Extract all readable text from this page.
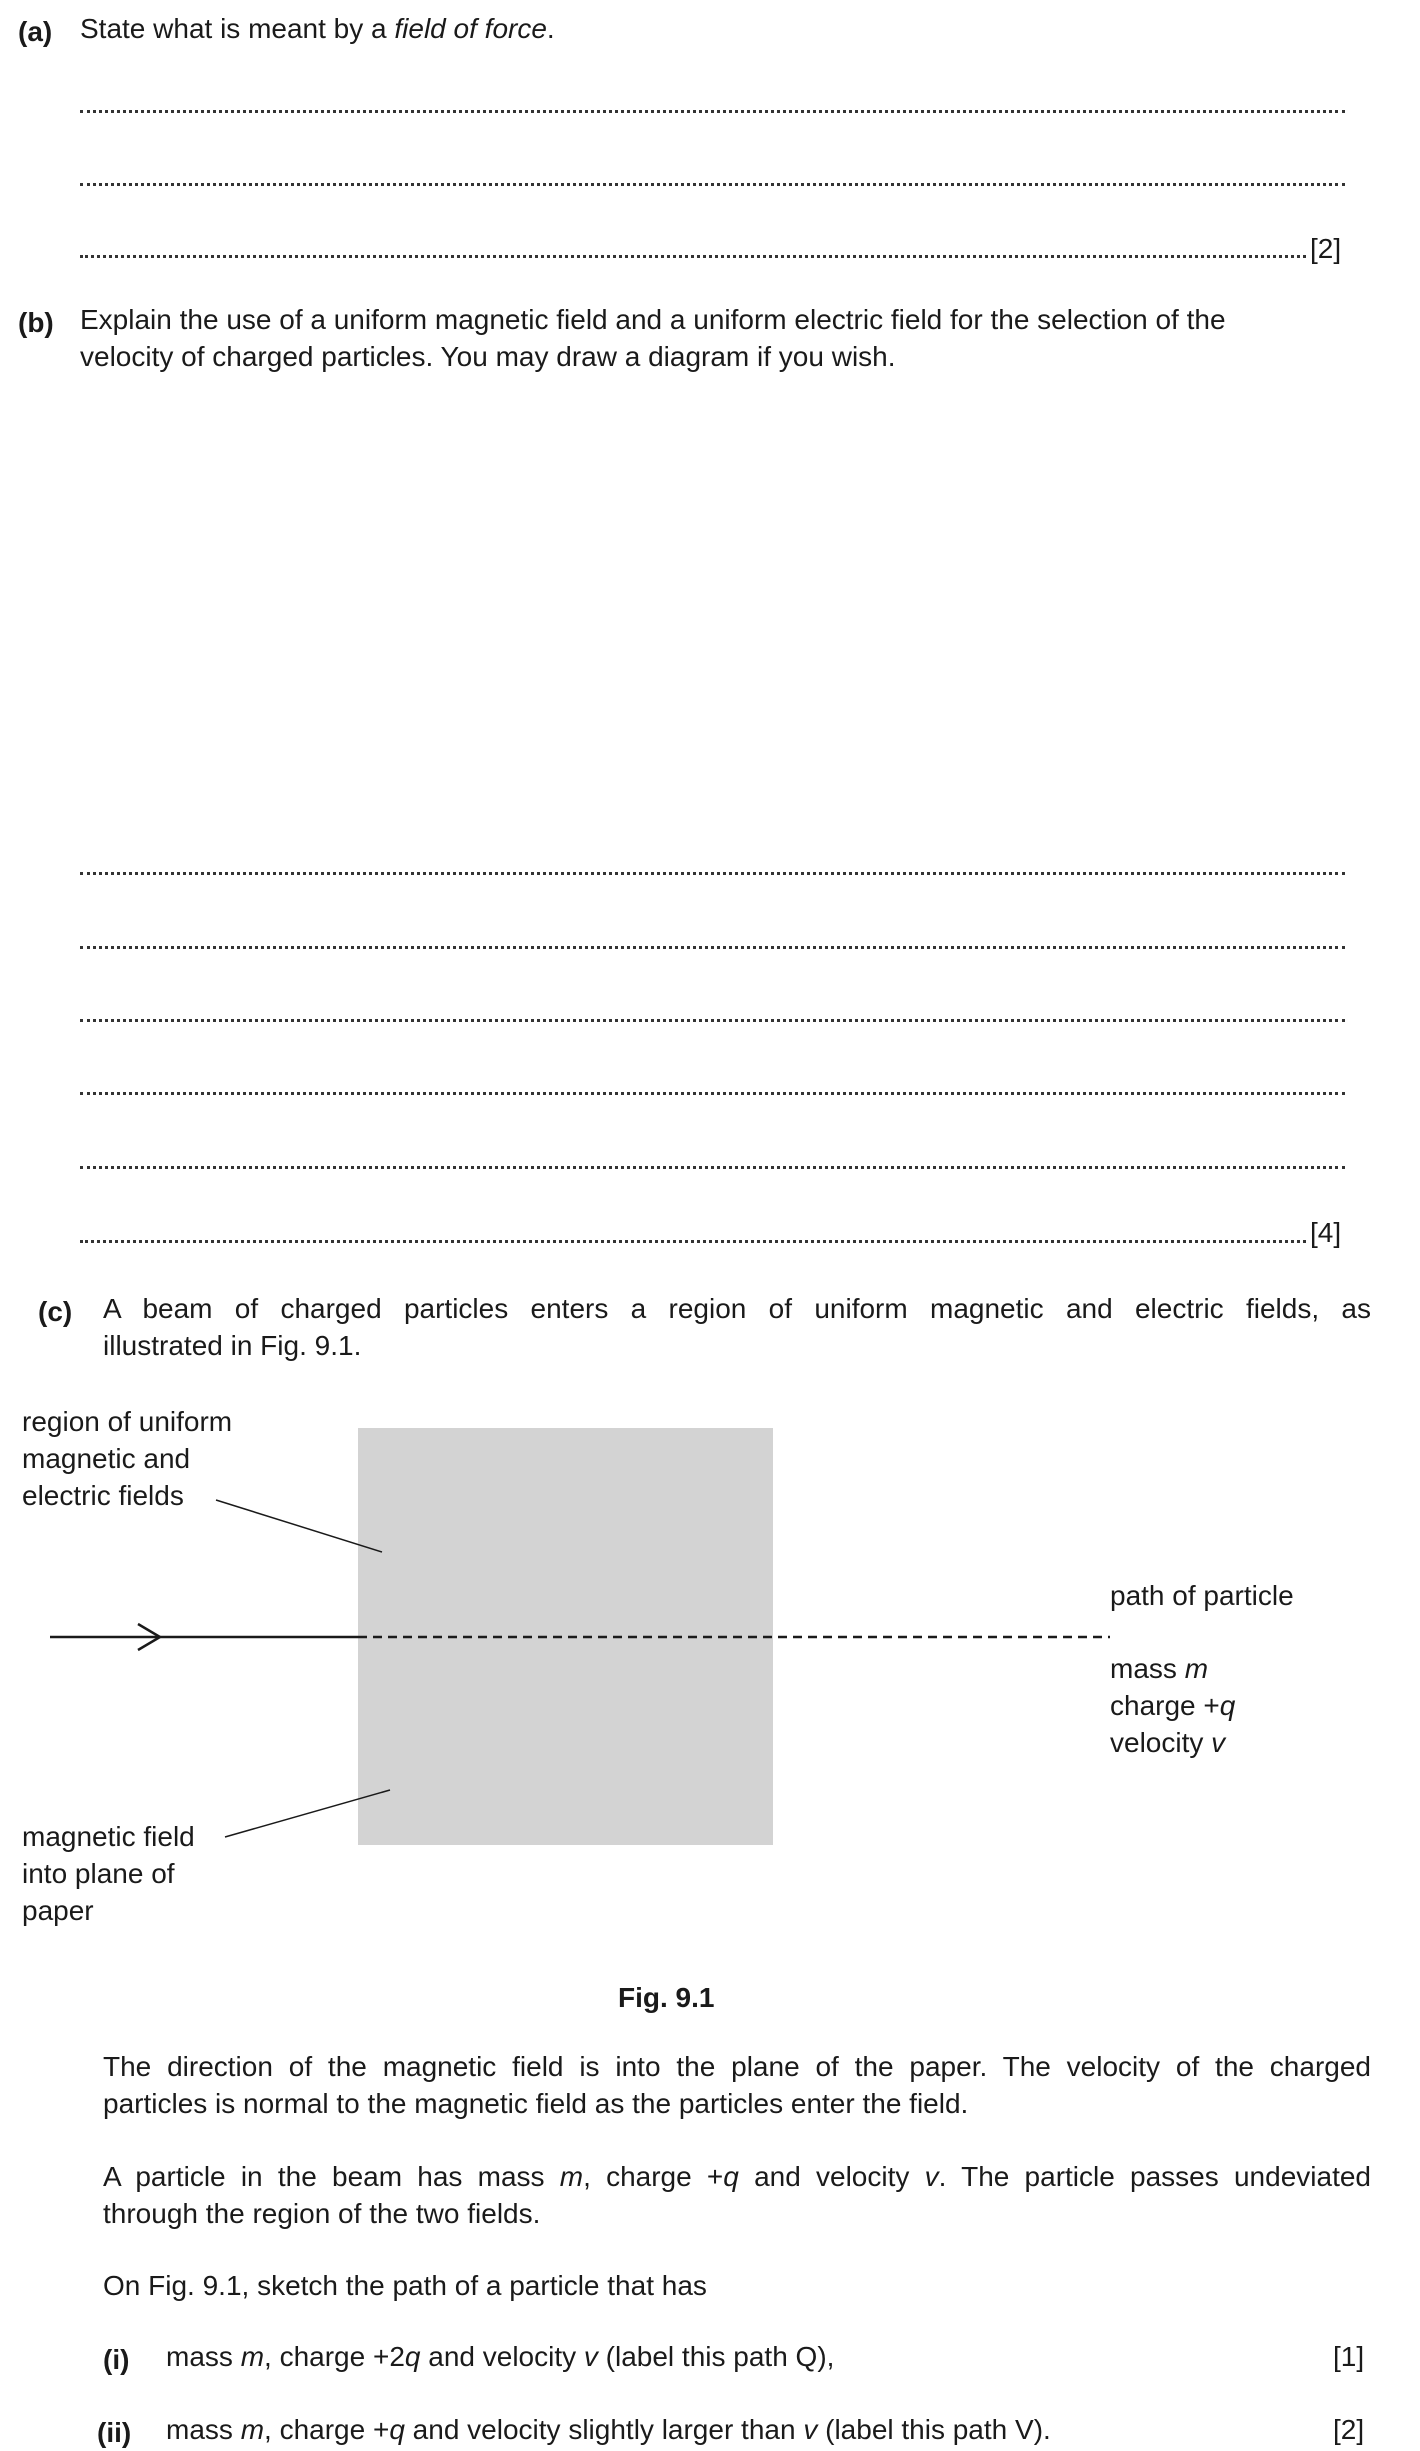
(a) State what is meant by a field of force.
[2]
(b) Explain the use of a uniform magnetic field and a uniform electric field for the selection of the
velocity of charged particles. You may draw a diagram if you wish.
[4]
(c) A beam of charged particles enters a region of uniform magnetic and electric fields, as
illustrated in Fig. 9.1.
region of uniform
magnetic and
electric fields
path of particle
mass m
charge +q
velocity v
magnetic field
into plane of
paper
Fig. 9.1
The direction of the magnetic field is into the plane of the paper. The velocity of the charged
particles is normal to the magnetic field as the particles enter the field.
A particle in the beam has mass m, charge +q and velocity v. The particle passes undeviated
through the region of the two fields.
On Fig. 9.1, sketch the path of a particle that has
(i) mass m, charge +2q and velocity v (label this path Q),	[1]
(ii) mass m, charge +q and velocity slightly larger than v (label this path V).	[2]
